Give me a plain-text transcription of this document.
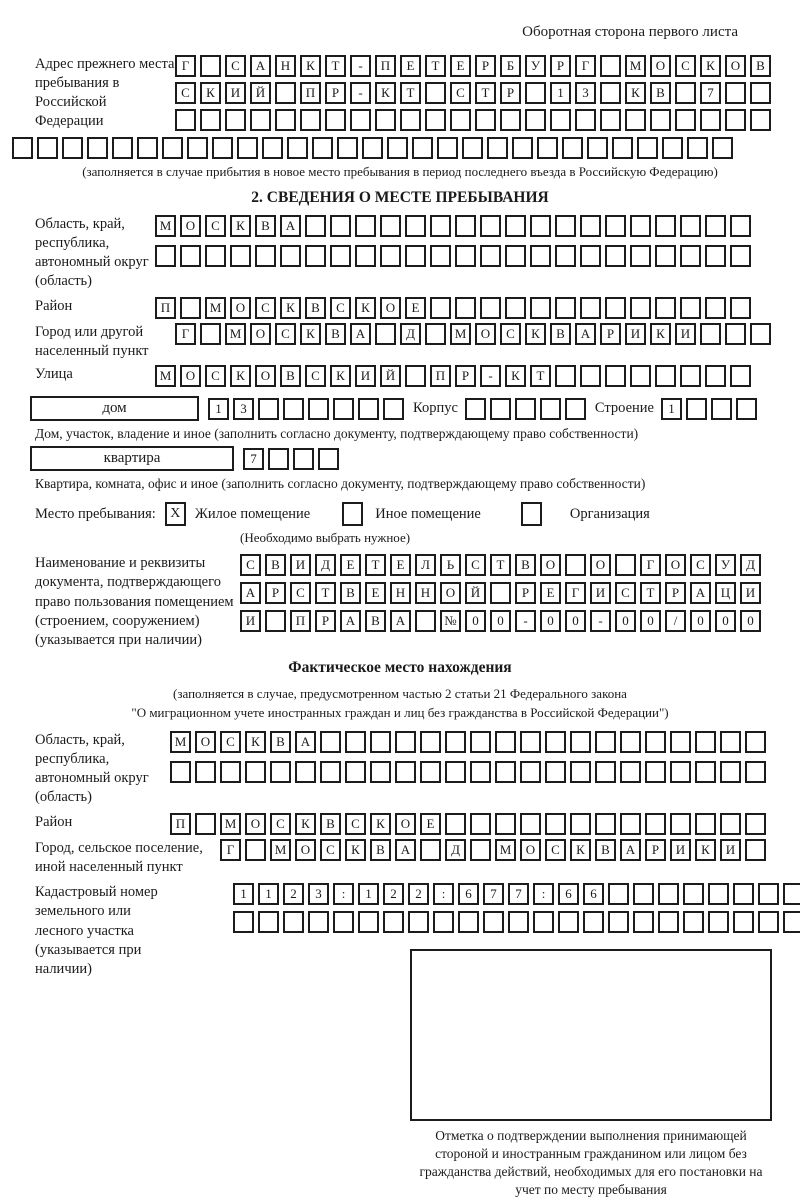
Оборотная сторона первого листа
Адрес прежнего места пребывания в Российской Федерации
Г	С	А	Н	К	Т	-	П	Е	Т	Е	Р	Б	У	Р	Г	М	О	С	К	О	В
С	К	И	Й	П	Р	-	К	Т	С	Т	Р	1	3	К	В	7
(заполняется в случае прибытия в новое место пребывания в период последнего въезда в Российскую Федерацию)
2. СВЕДЕНИЯ О МЕСТЕ ПРЕБЫВАНИЯ
Область, край, республика, автономный округ (область)
М	О	С	К	В	А
Район	П	М	О	С	К	В	С	К	О	Е
Город или другой населенный пункт
Г	М	О	С	К	В	А	Д	М	О	С	К	В	А	Р	И	К	И
Улица	М	О	С	К	О	В	С	К	И	Й	П	Р	-	К	Т
дом	1	3	Корпус	Строение	1
Дом, участок, владение и иное (заполнить согласно документу, подтверждающему право собственности)
квартира	7
Квартира, комната, офис и иное (заполнить согласно документу, подтверждающему право собственности)
Место пребывания:	X Жилое помещение	Иное помещение	Организация
(Необходимо выбрать нужное)
Наименование и реквизиты документа, подтверждающего право пользования помещением (строением, сооружением) (указывается при наличии)
С	В	И	Д	Е	Т	Е	Л	Ь	С	Т	В	О	О	Г	О	С	У	Д
А	Р	С	Т	В	Е	Н	Н	О	Й	Р	Е	Г	И	С	Т	Р	А	Ц	И
И	П	Р	А	В	А	№	0	0	-	0	0	-	0	0	/	0	0	0
Фактическое место нахождения
(заполняется в случае, предусмотренном частью 2 статьи 21 Федерального закона
"О миграционном учете иностранных граждан и лиц без гражданства в Российской Федерации")
Область, край, республика, автономный округ (область)
М	О	С	К	В	А
Район	П	М	О	С	К	В	С	К	О	Е
Город, сельское поселение, иной населенный пункт
Г	М	О	С	К	В	А	Д	М	О	С	К	В	А	Р	И	К	И
Кадастровый номер земельного или лесного участка (указывается при наличии)
1	1	2	3	:	1	2	2	:	6	7	7	:	6	6
Отметка о подтверждении выполнения принимающей стороной и иностранным гражданином или лицом без гражданства действий, необходимых для его постановки на учет по месту пребывания
